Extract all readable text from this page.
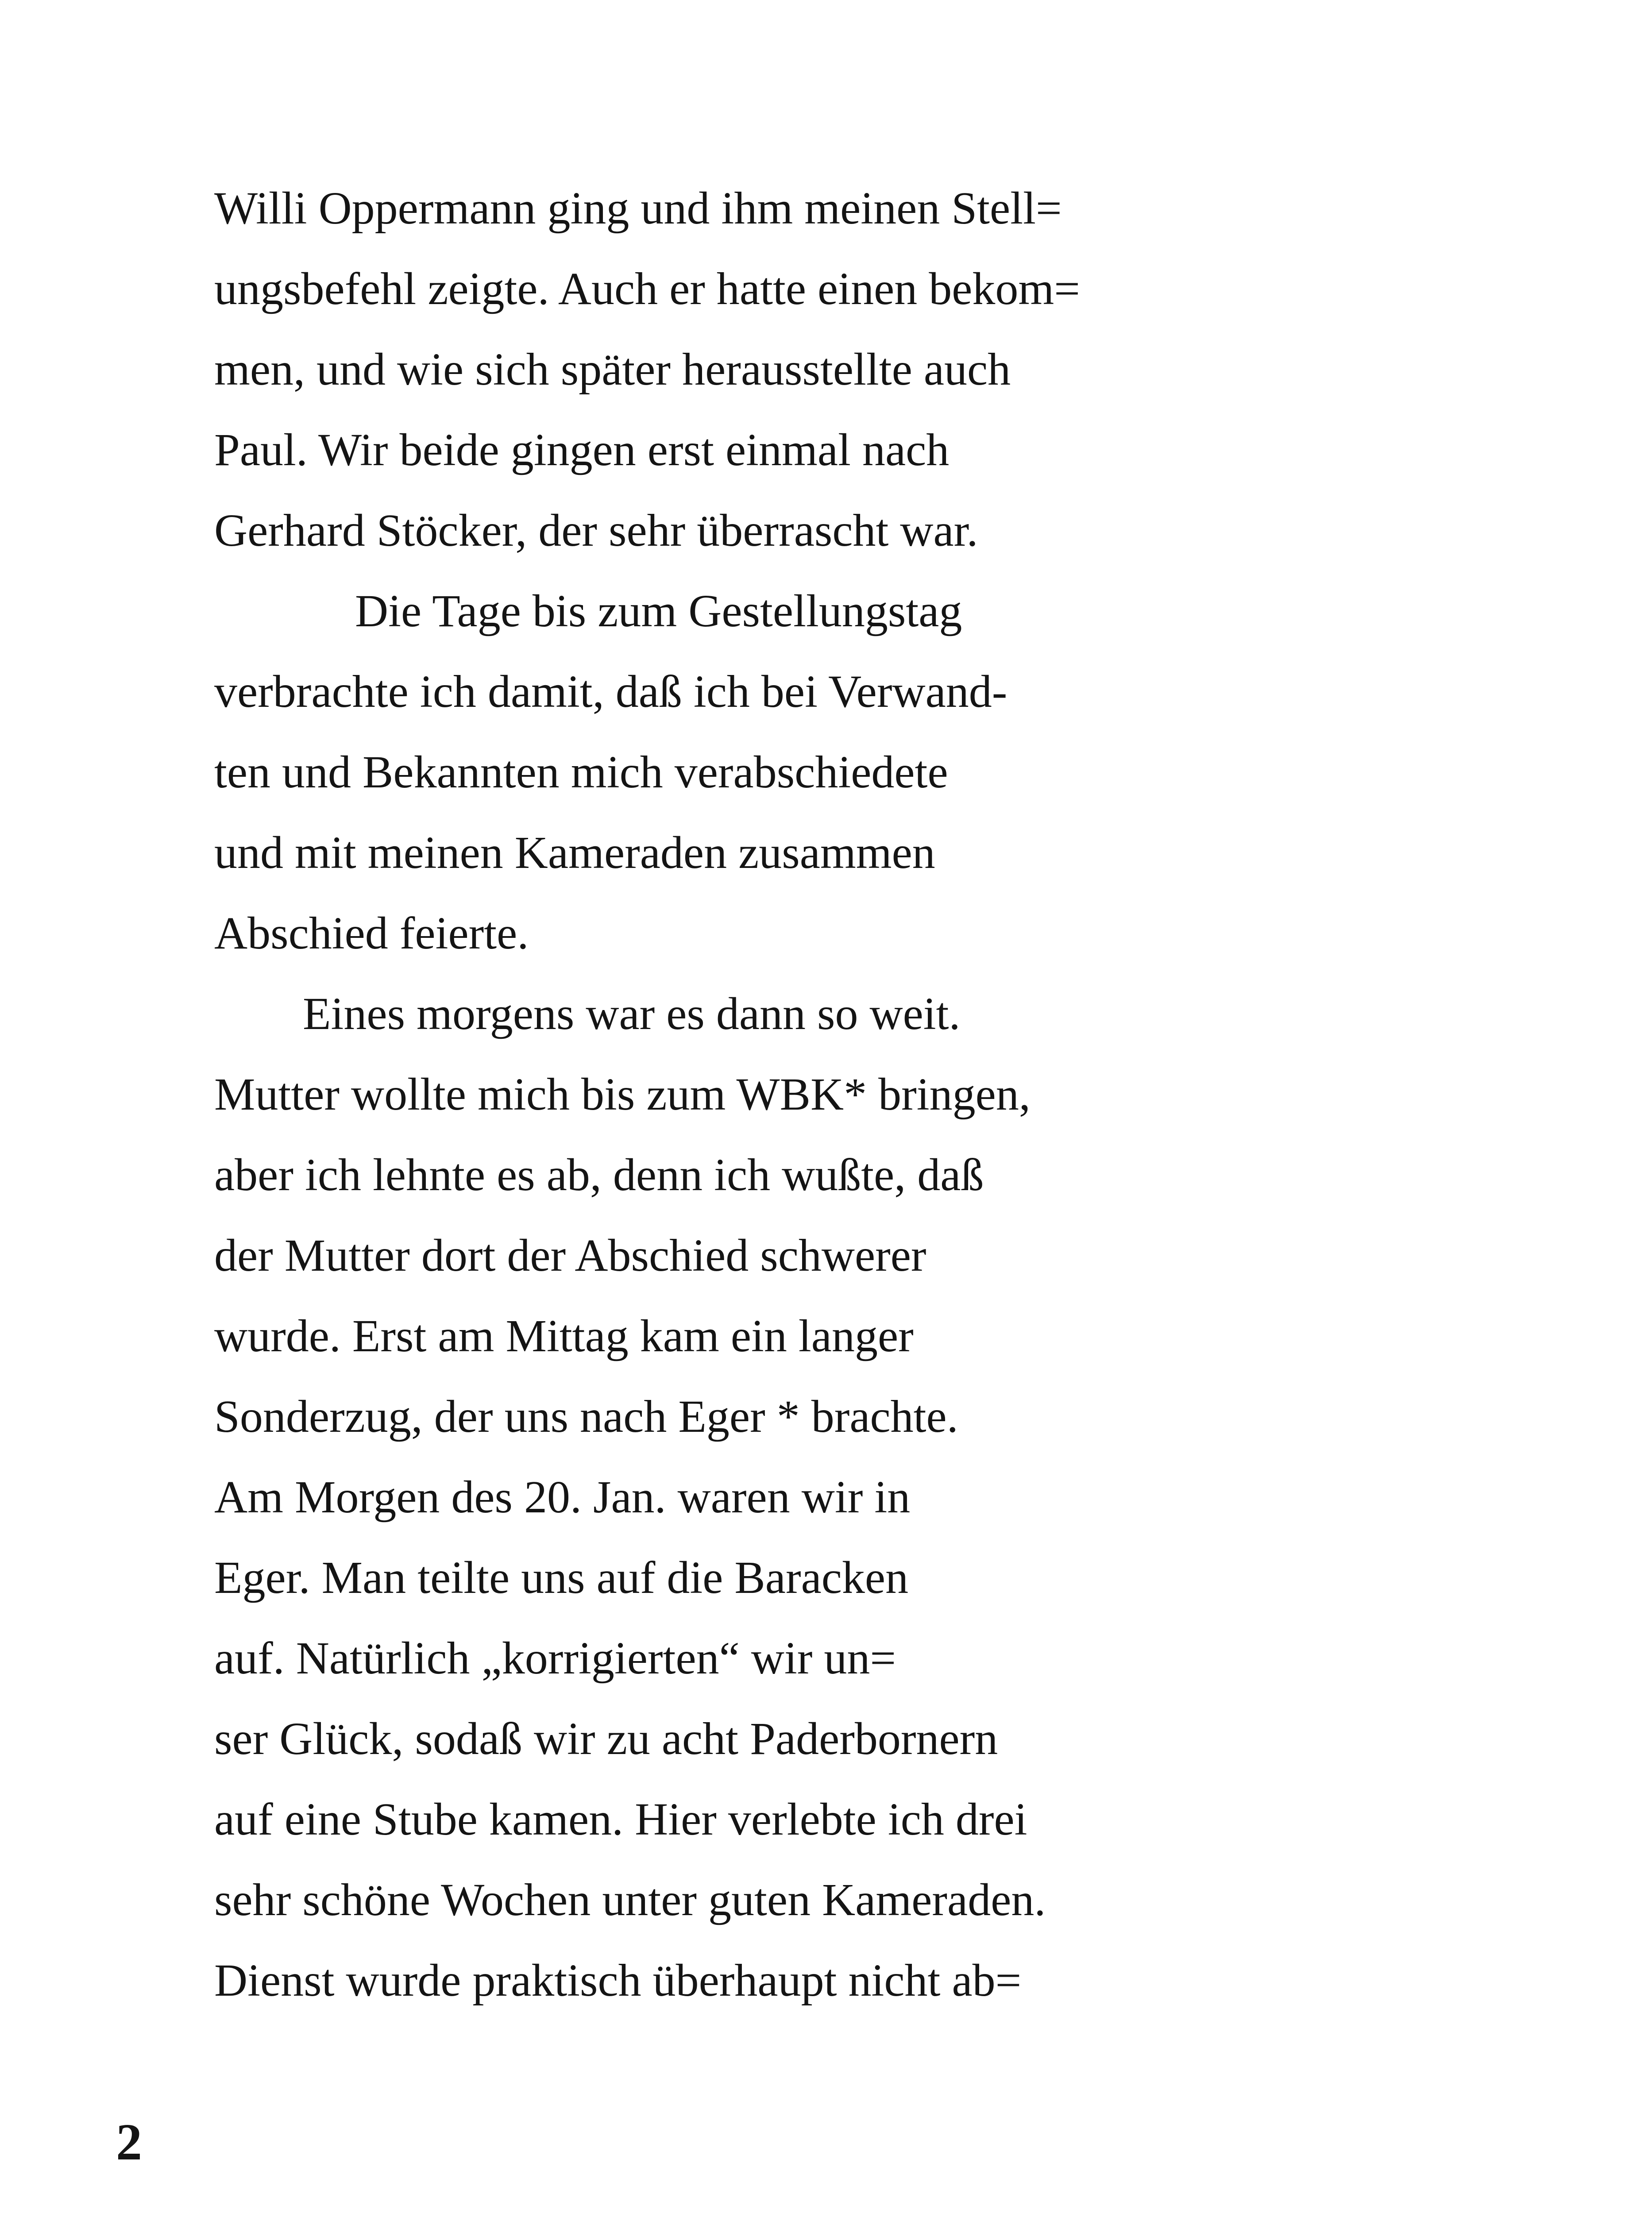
Willi Oppermann ging und ihm meinen Stell=
ungsbefehl zeigte. Auch er hatte einen bekom=
men, und wie sich später herausstellte auch
Paul. Wir beide gingen erst einmal nach
Gerhard Stöcker, der sehr überrascht war.
Die Tage bis zum Gestellungstag
verbrachte ich damit, daß ich bei Verwand-
ten und Bekannten mich verabschiedete
und mit meinen Kameraden zusammen
Abschied feierte.
Eines morgens war es dann so weit.
Mutter wollte mich bis zum WBK* bringen,
aber ich lehnte es ab, denn ich wußte, daß
der Mutter dort der Abschied schwerer
wurde. Erst am Mittag kam ein langer
Sonderzug, der uns nach Eger * brachte.
Am Morgen des 20. Jan. waren wir in
Eger. Man teilte uns auf die Baracken
auf. Natürlich „korrigierten“ wir un=
ser Glück, sodaß wir zu acht Paderbornern
auf eine Stube kamen. Hier verlebte ich drei
sehr schöne Wochen unter guten Kameraden.
Dienst wurde praktisch überhaupt nicht ab=
2
